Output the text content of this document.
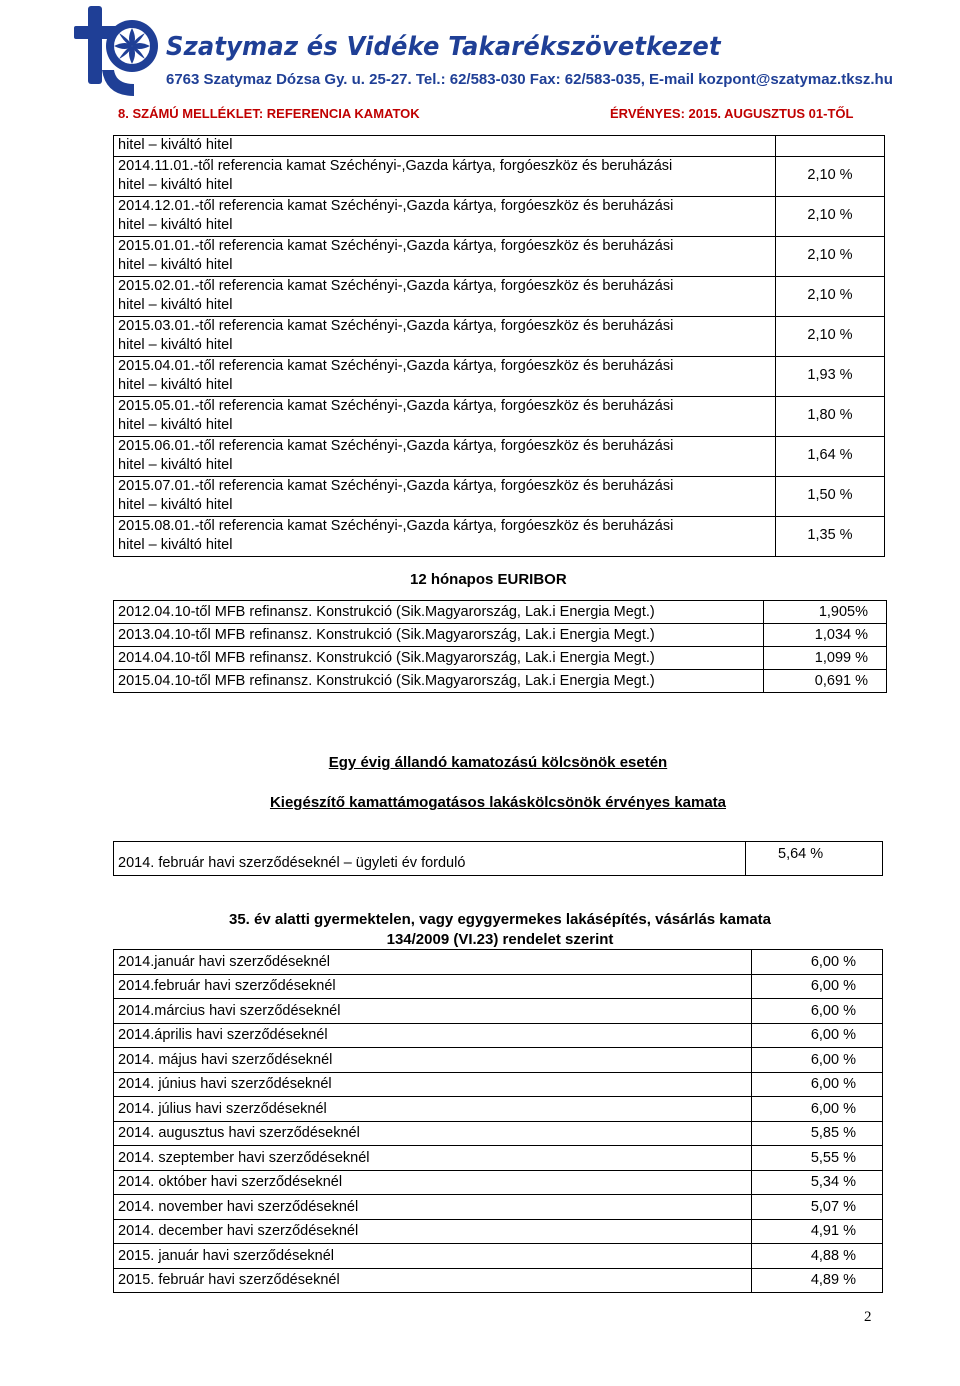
Szatymaz és Vidéke Takarékszövetkezet
6763 Szatymaz Dózsa Gy. u. 25-27. Tel.: 62/583-030 Fax: 62/583-035, E-mail kozpont@szatymaz.tksz.hu
8. SZÁMÚ MELLÉKLET: REFERENCIA KAMATOK	ÉRVÉNYES: 2015. AUGUSZTUS 01-TŐL
hitel – kiváltó hitel	

2014.11.01.-től referencia kamat Széchényi-,Gazda kártya, forgóeszköz és beruházási
hitel – kiváltó hitel	2,10 %

2014.12.01.-től referencia kamat Széchényi-,Gazda kártya, forgóeszköz és beruházási
hitel – kiváltó hitel	2,10 %

2015.01.01.-től referencia kamat Széchényi-,Gazda kártya, forgóeszköz és beruházási
hitel – kiváltó hitel	2,10 %

2015.02.01.-től referencia kamat Széchényi-,Gazda kártya, forgóeszköz és beruházási
hitel – kiváltó hitel	2,10 %

2015.03.01.-től referencia kamat Széchényi-,Gazda kártya, forgóeszköz és beruházási
hitel – kiváltó hitel	2,10 %

2015.04.01.-től referencia kamat Széchényi-,Gazda kártya, forgóeszköz és beruházási
hitel – kiváltó hitel	1,93 %

2015.05.01.-től referencia kamat Széchényi-,Gazda kártya, forgóeszköz és beruházási
hitel – kiváltó hitel	1,80 %

2015.06.01.-től referencia kamat Széchényi-,Gazda kártya, forgóeszköz és beruházási
hitel – kiváltó hitel	1,64 %

2015.07.01.-től referencia kamat Széchényi-,Gazda kártya, forgóeszköz és beruházási
hitel – kiváltó hitel	1,50 %

2015.08.01.-től referencia kamat Széchényi-,Gazda kártya, forgóeszköz és beruházási
hitel – kiváltó hitel	1,35 %
12 hónapos EURIBOR
2012.04.10-től MFB refinansz. Konstrukció (Sik.Magyarország, Lak.i Energia Megt.)	1,905%
2013.04.10-től MFB refinansz. Konstrukció (Sik.Magyarország, Lak.i Energia Megt.)	1,034 %
2014.04.10-től MFB refinansz. Konstrukció (Sik.Magyarország, Lak.i Energia Megt.)	1,099 %
2015.04.10-től MFB refinansz. Konstrukció (Sik.Magyarország, Lak.i Energia Megt.)	0,691 %
Egy évig állandó kamatozású kölcsönök esetén
Kiegészítő kamattámogatásos lakáskölcsönök érvényes kamata
2014. február havi szerződéseknél – ügyleti év forduló	5,64 %
35. év alatti gyermektelen, vagy egygyermekes lakásépítés, vásárlás kamata
134/2009 (VI.23) rendelet szerint
2014.január havi szerződéseknél	6,00 %
2014.február havi szerződéseknél	6,00 %
2014.március havi szerződéseknél	6,00 %
2014.április havi szerződéseknél	6,00 %
2014. május havi szerződéseknél	6,00 %
2014. június havi szerződéseknél	6,00 %
2014. július havi szerződéseknél	6,00 %
2014. augusztus havi szerződéseknél	5,85 %
2014. szeptember havi szerződéseknél	5,55 %
2014. október havi szerződéseknél	5,34 %
2014. november havi szerződéseknél	5,07 %
2014. december havi szerződéseknél	4,91 %
2015. január havi szerződéseknél	4,88 %
2015. február havi szerződéseknél	4,89 %
2
